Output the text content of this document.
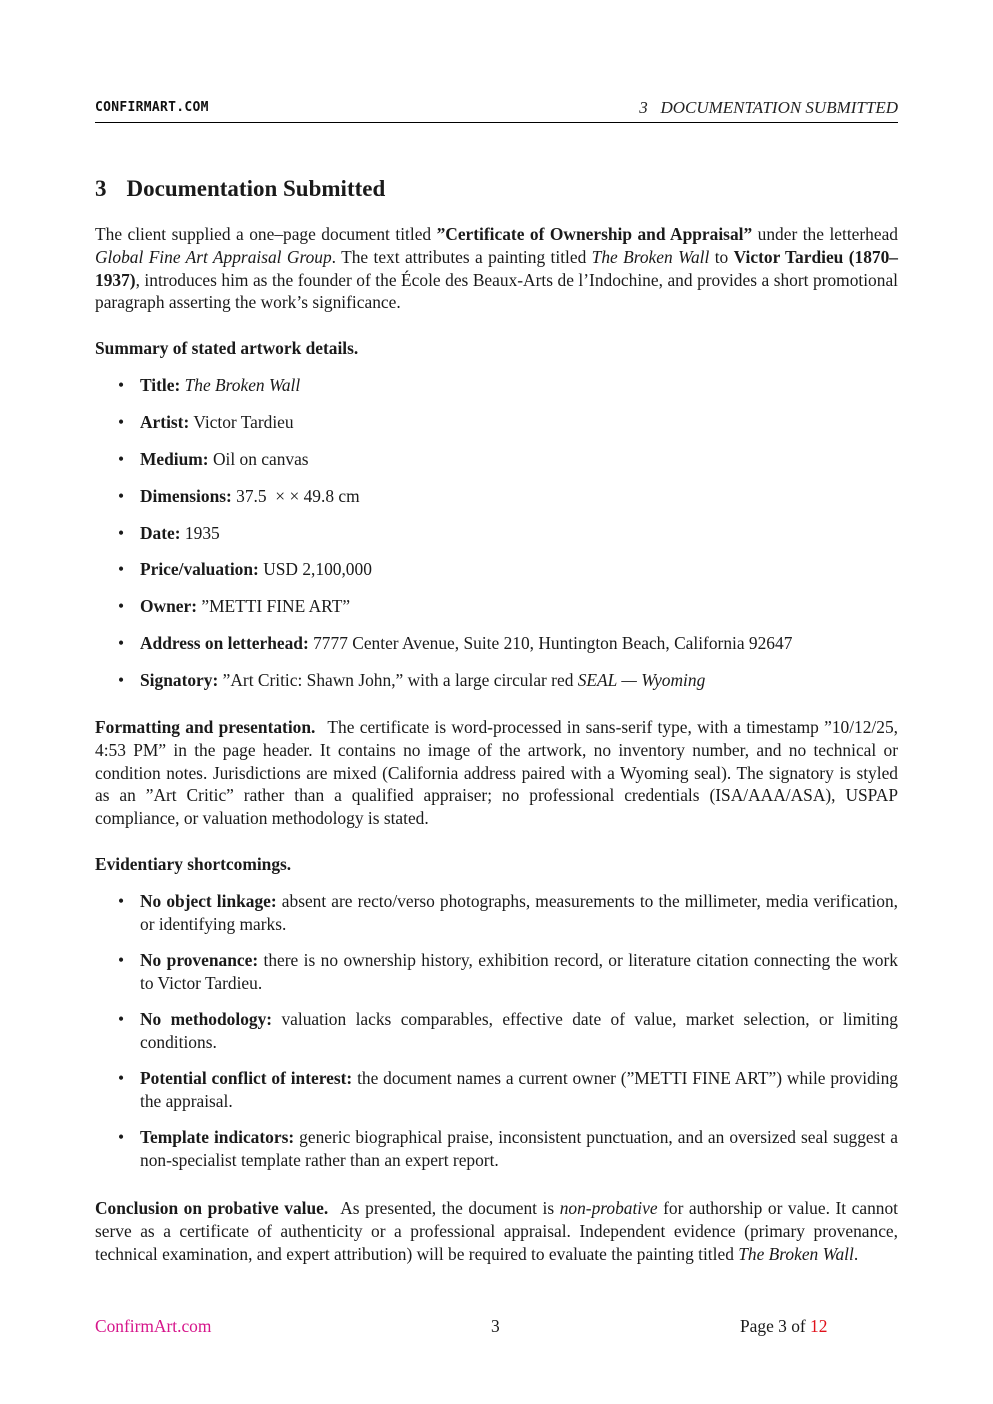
CONFIRMART.COM	3   DOCUMENTATION SUBMITTED
3 Documentation Submitted
The client supplied a one–page document titled ”Certificate of Ownership and Appraisal” under the letterhead Global Fine Art Appraisal Group. The text attributes a painting titled The Broken Wall to Victor Tardieu (1870–1937), introduces him as the founder of the École des Beaux-Arts de l’Indochine, and provides a short promotional paragraph asserting the work’s significance.
Summary of stated artwork details.
• Title: The Broken Wall
• Artist: Victor Tardieu
• Medium: Oil on canvas
• Dimensions: 37.5  × × 49.8 cm
• Date: 1935
• Price/valuation: USD 2,100,000
• Owner: ”METTI FINE ART”
• Address on letterhead: 7777 Center Avenue, Suite 210, Huntington Beach, California 92647
• Signatory: ”Art Critic: Shawn John,” with a large circular red SEAL — Wyoming
Formatting and presentation. The certificate is word-processed in sans-serif type, with a timestamp ”10/12/25, 4:53 PM” in the page header. It contains no image of the artwork, no inventory number, and no technical or condition notes. Jurisdictions are mixed (California address paired with a Wyoming seal). The signatory is styled as an ”Art Critic” rather than a qualified appraiser; no professional credentials (ISA/AAA/ASA), USPAP compliance, or valuation methodology is stated.
Evidentiary shortcomings.
• No object linkage: absent are recto/verso photographs, measurements to the millimeter, media verification, or identifying marks.
• No provenance: there is no ownership history, exhibition record, or literature citation connecting the work to Victor Tardieu.
• No methodology: valuation lacks comparables, effective date of value, market selection, or limiting conditions.
• Potential conflict of interest: the document names a current owner (”METTI FINE ART”) while providing the appraisal.
• Template indicators: generic biographical praise, inconsistent punctuation, and an oversized seal suggest a non-specialist template rather than an expert report.
Conclusion on probative value. As presented, the document is non-probative for authorship or value. It cannot serve as a certificate of authenticity or a professional appraisal. Independent evidence (primary provenance, technical examination, and expert attribution) will be required to evaluate the painting titled The Broken Wall.
ConfirmArt.com	3	Page 3 of 12
